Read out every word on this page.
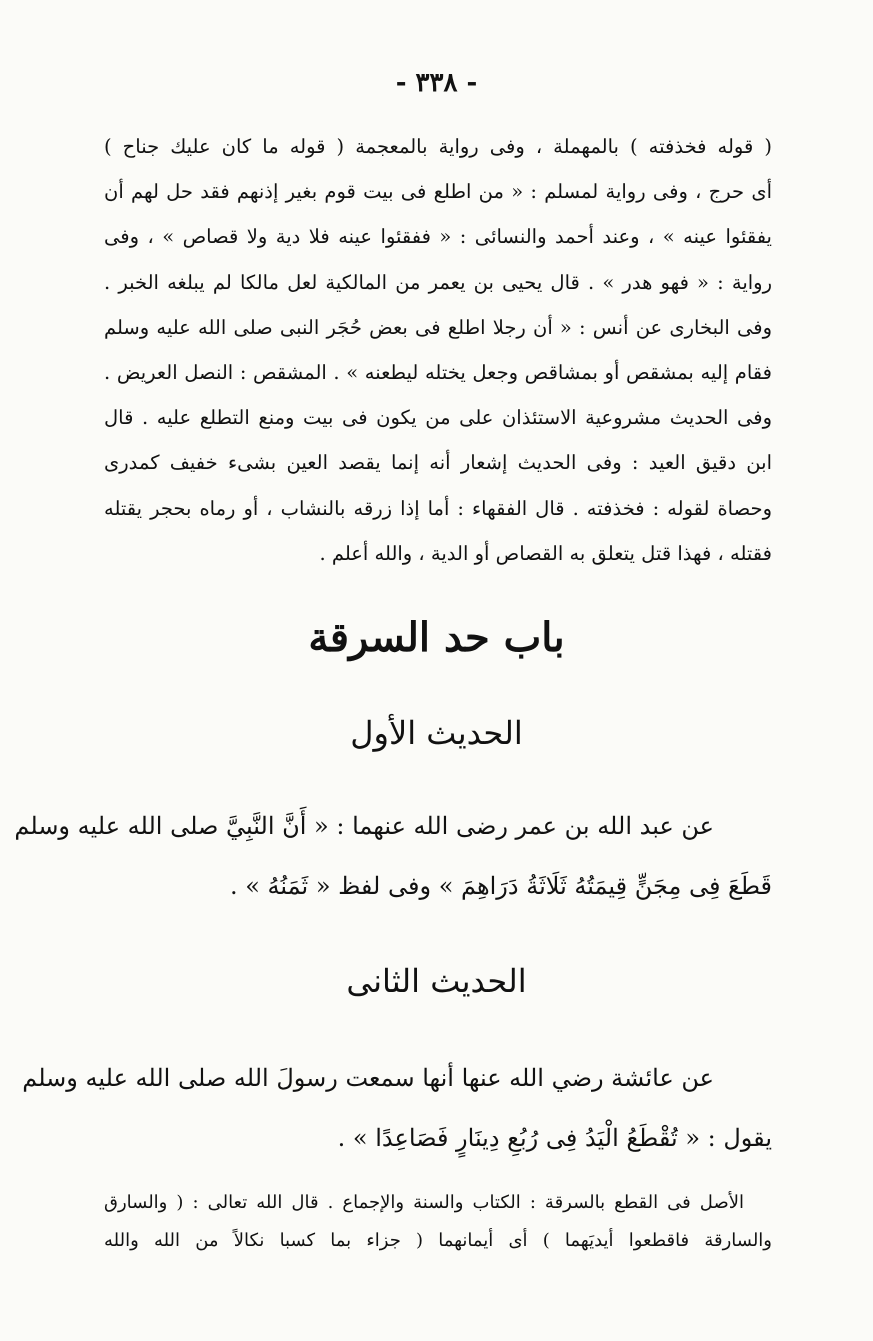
- ٣٣٨ -
( قوله فخذفته ) بالمهملة ، وفى رواية بالمعجمة ( قوله ما كان عليك جناح )
أى حرج ، وفى رواية لمسلم : « من اطلع فى بيت قوم بغير إذنهم فقد حل لهم أن
يفقئوا عينه » ، وعند أحمد والنسائى : « ففقئوا عينه فلا دية ولا قصاص » ، وفى
رواية : « فهو هدر » . قال يحيى بن يعمر من المالكية لعل مالكا لم يبلغه الخبر .
وفى البخارى عن أنس : « أن رجلا اطلع فى بعض حُجَر النبى صلى الله عليه وسلم
فقام إليه بمشقص أو بمشاقص وجعل يختله ليطعنه » . المشقص : النصل العريض .
وفى الحديث مشروعية الاستئذان على من يكون فى بيت ومنع التطلع عليه . قال
ابن دقيق العيد : وفى الحديث إشعار أنه إنما يقصد العين بشىء خفيف كمدرى
وحصاة لقوله : فخذفته . قال الفقهاء : أما إذا زرقه بالنشاب ، أو رماه بحجر يقتله
فقتله ، فهذا قتل يتعلق به القصاص أو الدية ، والله أعلم .
باب حد السرقة
الحديث الأول
عن عبد الله بن عمر رضى الله عنهما : « أَنَّ النَّبِيَّ صلى الله عليه وسلم
قَطَعَ فِى مِجَنٍّ قِيمَتُهُ ثَلَاثَةُ دَرَاهِمَ » وفى لفظ « ثَمَنُهُ » .
الحديث الثانى
عن عائشة رضي الله عنها أنها سمعت رسولَ الله صلى الله عليه وسلم
يقول : « تُقْطَعُ الْيَدُ فِى رُبُعِ دِينَارٍ فَصَاعِدًا » .
الأصل فى القطع بالسرقة : الكتاب والسنة والإجماع . قال الله تعالى : ( والسارق
والسارقة فاقطعوا أيديَهما ) أى أيمانهما ( جزاء بما كسبا نكالاً من الله والله
